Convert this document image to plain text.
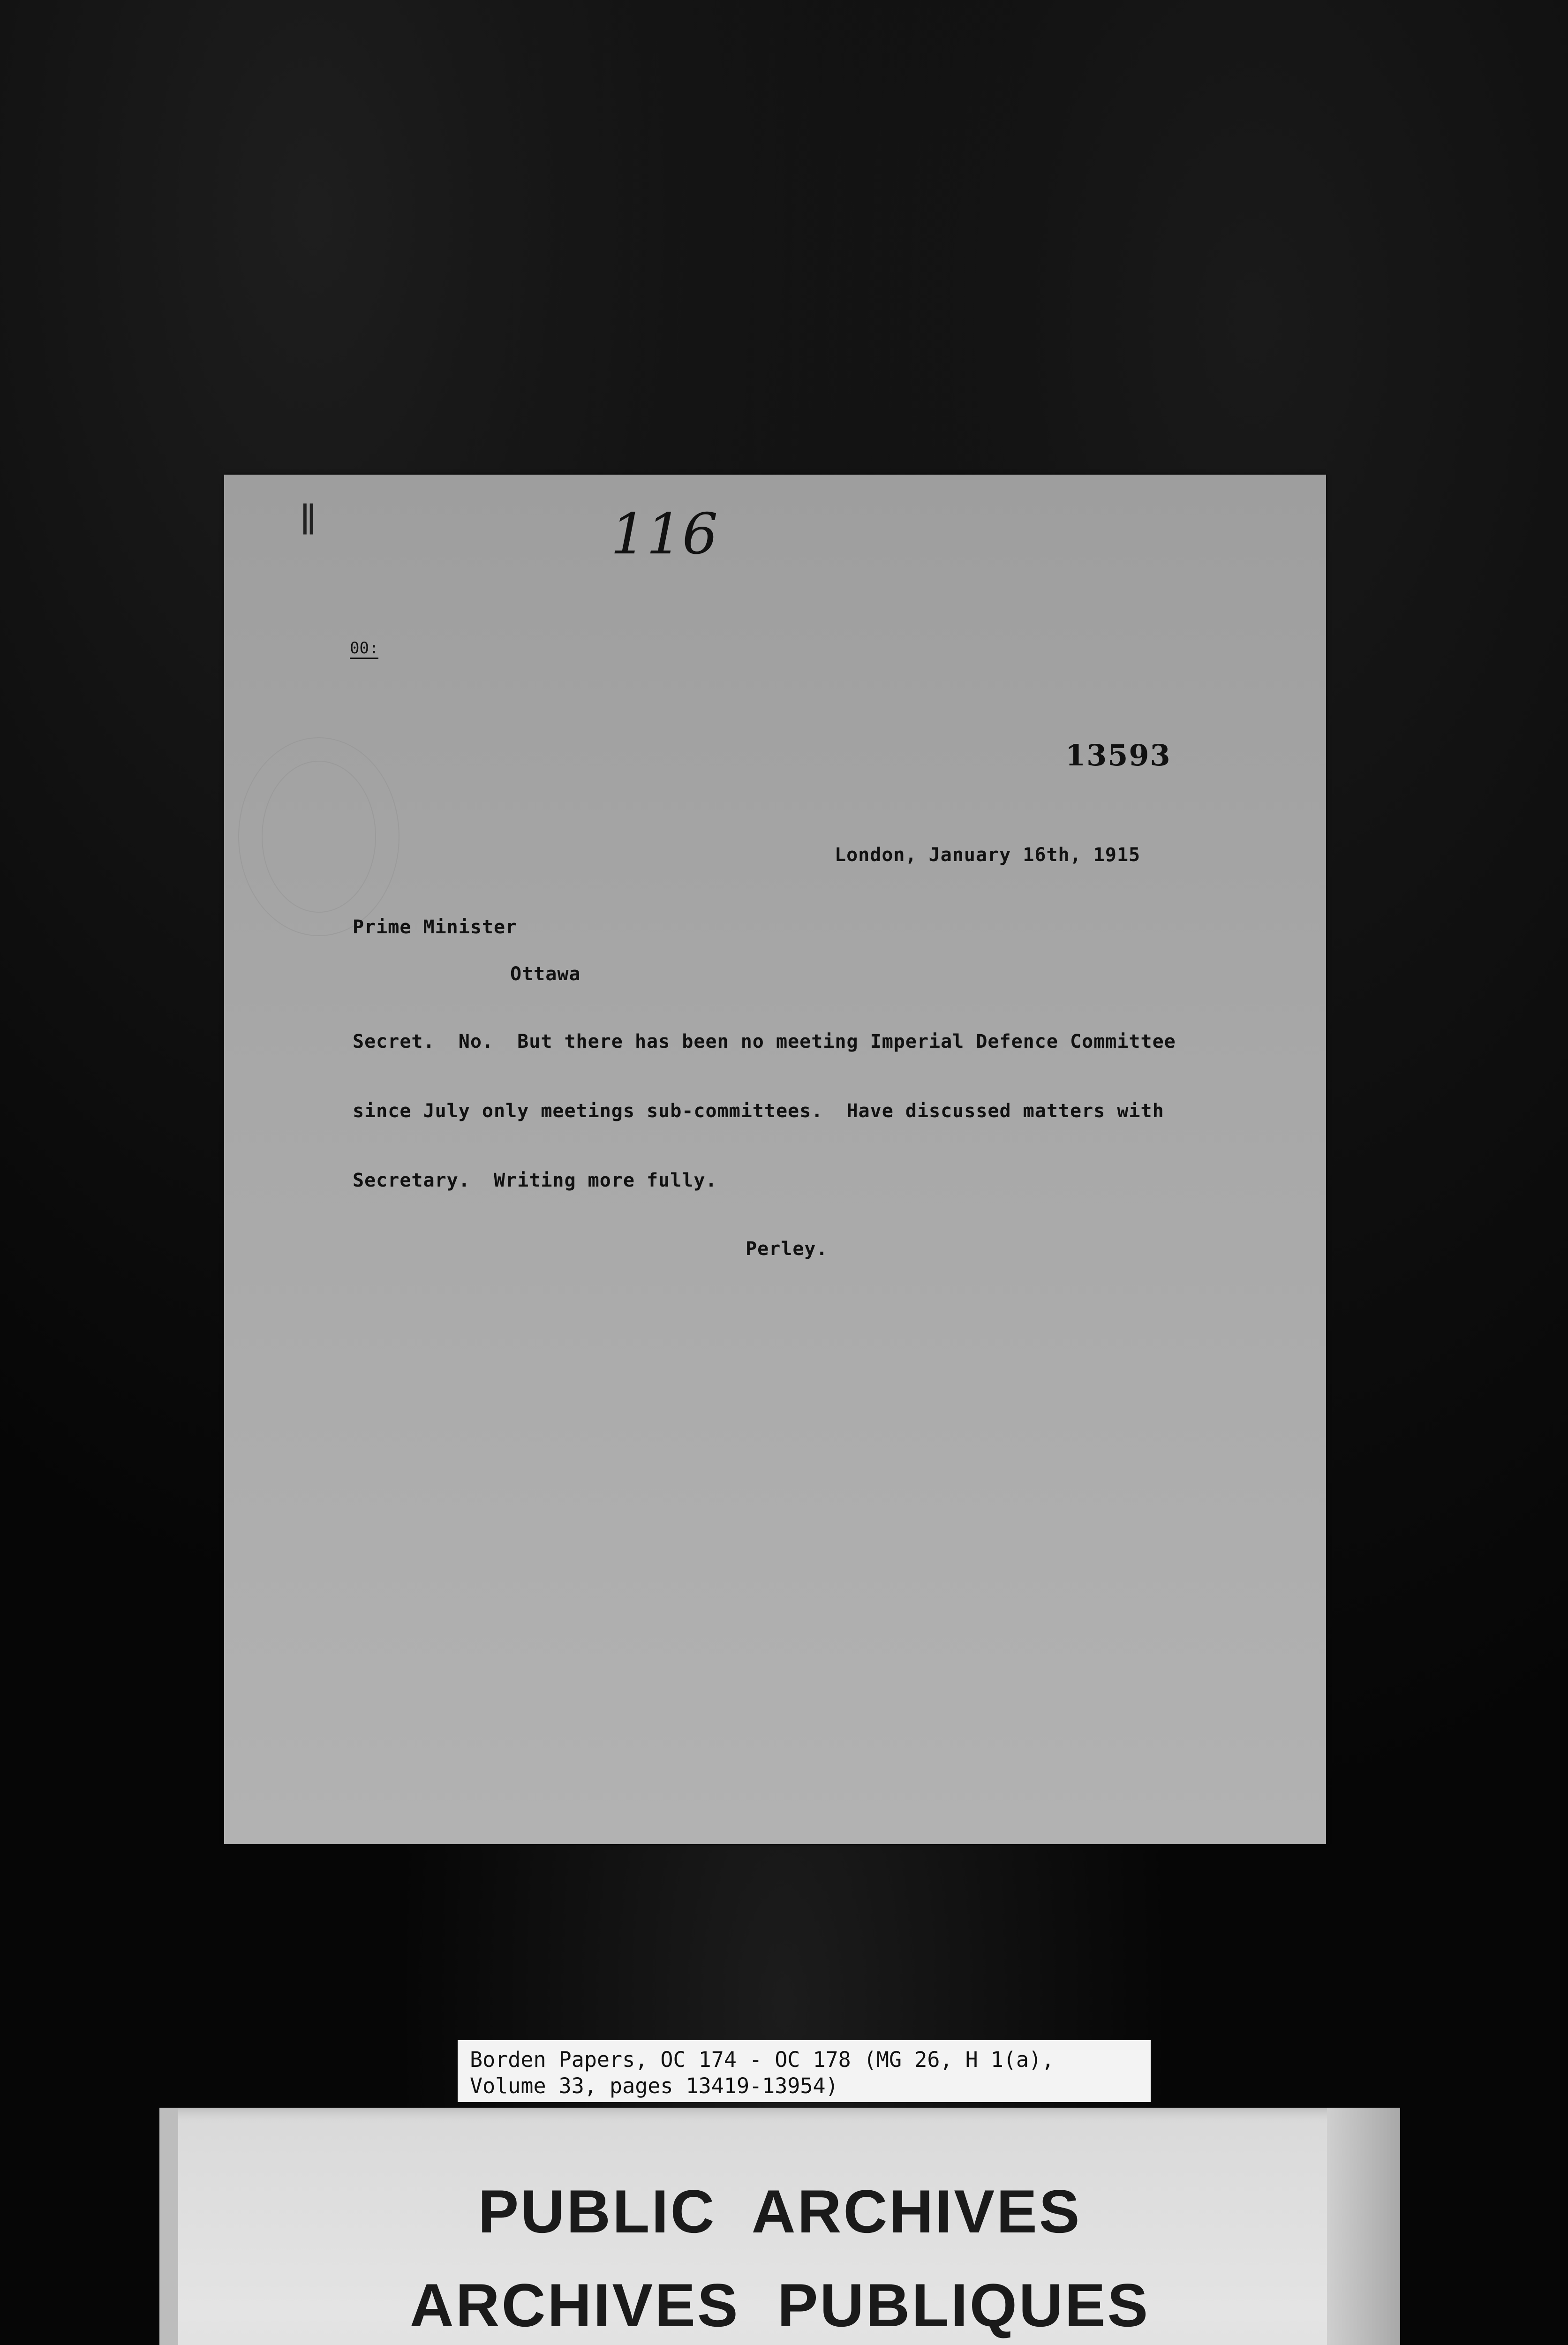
ǁ	116
00:
13593
London, January 16th, 1915
Prime Minister
Ottawa
Secret.  No.  But there has been no meeting Imperial Defence Committee
since July only meetings sub-committees.  Have discussed matters with
Secretary.  Writing more fully.
Perley.
Borden Papers, OC 174 - OC 178 (MG 26, H 1(a),
Volume 33, pages 13419-13954)
PUBLIC ARCHIVES
ARCHIVES PUBLIQUES
